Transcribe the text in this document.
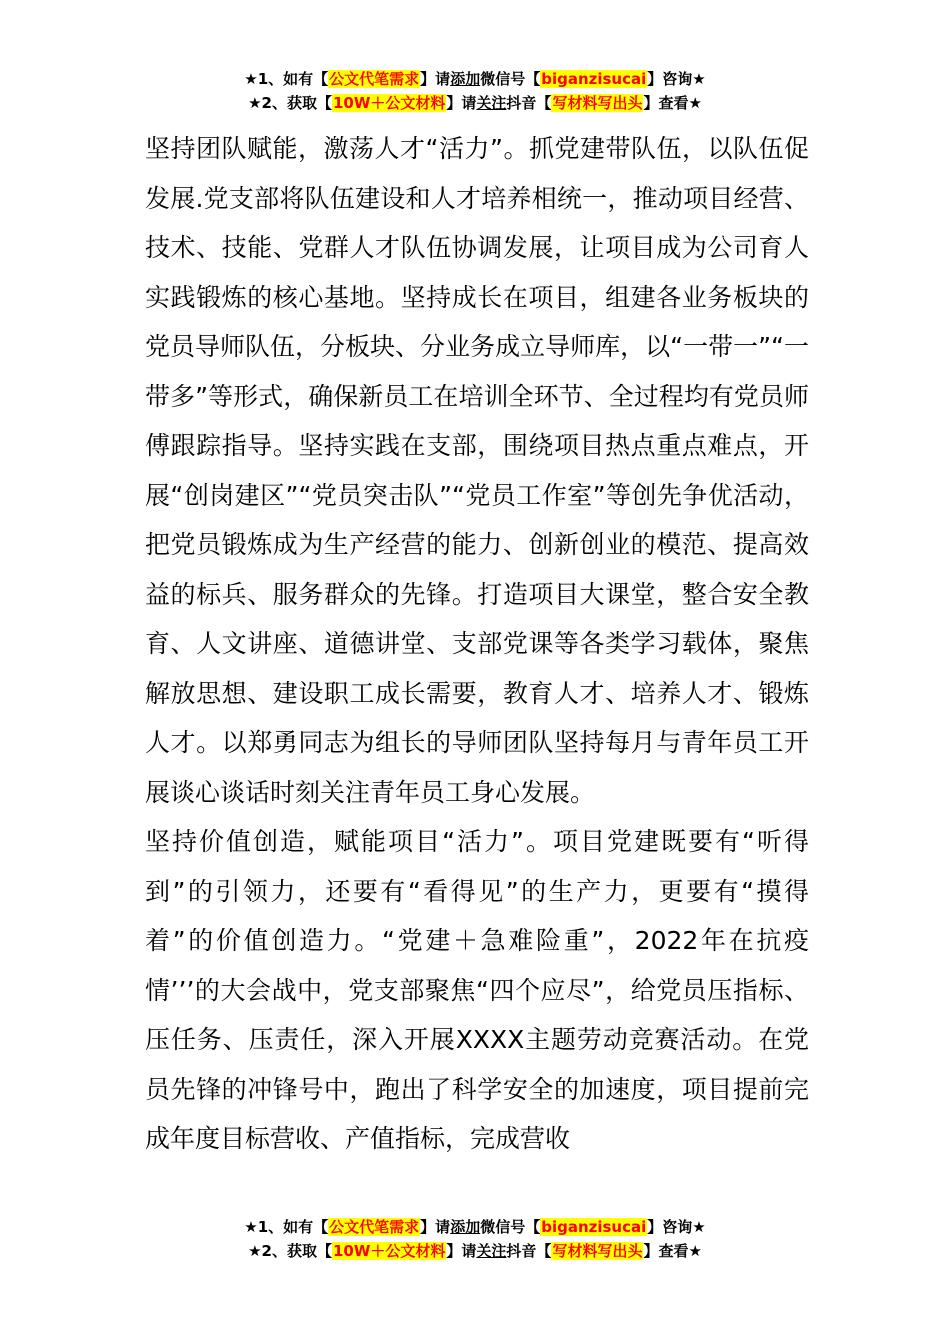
★1、如有【公文代笔需求】请添加微信号【biganzisucai】咨询★
★2、获取【10W＋公文材料】请关注抖音【写材料写出头】查看★

坚持团队赋能，激荡人才“活力”。抓党建带队伍，以队伍促发展.党支部将队伍建设和人才培养相统一，推动项目经营、技术、技能、党群人才队伍协调发展，让项目成为公司育人实践锻炼的核心基地。坚持成长在项目，组建各业务板块的党员导师队伍，分板块、分业务成立导师库，以“一带一”“一带多”等形式，确保新员工在培训全环节、全过程均有党员师傅跟踪指导。坚持实践在支部，围绕项目热点重点难点，开展“创岗建区”“党员突击队”“党员工作室”等创先争优活动，把党员锻炼成为生产经营的能力、创新创业的模范、提高效益的标兵、服务群众的先锋。打造项目大课堂，整合安全教育、人文讲座、道德讲堂、支部党课等各类学习载体，聚焦解放思想、建设职工成长需要，教育人才、培养人才、锻炼人才。以郑勇同志为组长的导师团队坚持每月与青年员工开展谈心谈话时刻关注青年员工身心发展。

坚持价值创造，赋能项目“活力”。项目党建既要有“听得到”的引领力，还要有“看得见”的生产力，更要有“摸得着”的价值创造力。“党建＋急难险重”，2022年在抗疫情’’’的大会战中，党支部聚焦“四个应尽”，给党员压指标、压任务、压责任，深入开展XXXX主题劳动竞赛活动。在党员先锋的冲锋号中，跑出了科学安全的加速度，项目提前完成年度目标营收、产值指标，完成营收

★1、如有【公文代笔需求】请添加微信号【biganzisucai】咨询★
★2、获取【10W＋公文材料】请关注抖音【写材料写出头】查看★
